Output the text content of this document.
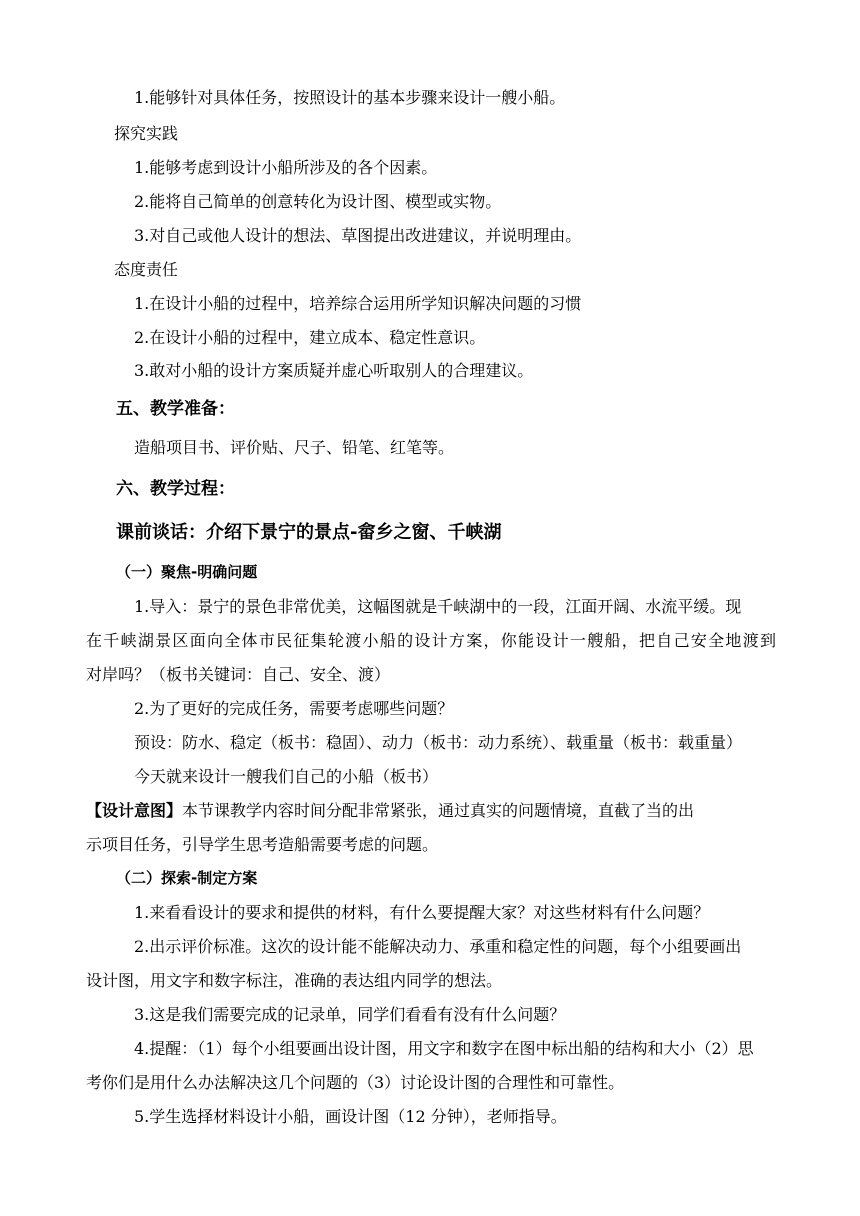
1.能够针对具体任务，按照设计的基本步骤来设计一艘小船。
探究实践
1.能够考虑到设计小船所涉及的各个因素。
2.能将自己简单的创意转化为设计图、模型或实物。
3.对自己或他人设计的想法、草图提出改进建议，并说明理由。
态度责任
1.在设计小船的过程中，培养综合运用所学知识解决问题的习惯
2.在设计小船的过程中，建立成本、稳定性意识。
3.敢对小船的设计方案质疑并虚心听取别人的合理建议。
五、教学准备：
造船项目书、评价贴、尺子、铅笔、红笔等。
六、教学过程：
课前谈话：介绍下景宁的景点-畲乡之窗、千峡湖
（一）聚焦-明确问题
1.导入：景宁的景色非常优美，这幅图就是千峡湖中的一段，江面开阔、水流平缓。现
在千峡湖景区面向全体市民征集轮渡小船的设计方案，你能设计一艘船，把自己安全地渡到
对岸吗？（板书关键词：自己、安全、渡）
2.为了更好的完成任务，需要考虑哪些问题？
预设：防水、稳定（板书：稳固）、动力（板书：动力系统）、载重量（板书：载重量）
今天就来设计一艘我们自己的小船（板书）
【设计意图】本节课教学内容时间分配非常紧张，通过真实的问题情境，直截了当的出
示项目任务，引导学生思考造船需要考虑的问题。
（二）探索-制定方案
1.来看看设计的要求和提供的材料，有什么要提醒大家？对这些材料有什么问题？
2.出示评价标准。这次的设计能不能解决动力、承重和稳定性的问题，每个小组要画出
设计图，用文字和数字标注，准确的表达组内同学的想法。
3.这是我们需要完成的记录单，同学们看看有没有什么问题？
4.提醒：（1）每个小组要画出设计图，用文字和数字在图中标出船的结构和大小（2）思
考你们是用什么办法解决这几个问题的（3）讨论设计图的合理性和可靠性。
5.学生选择材料设计小船，画设计图（12 分钟），老师指导。
